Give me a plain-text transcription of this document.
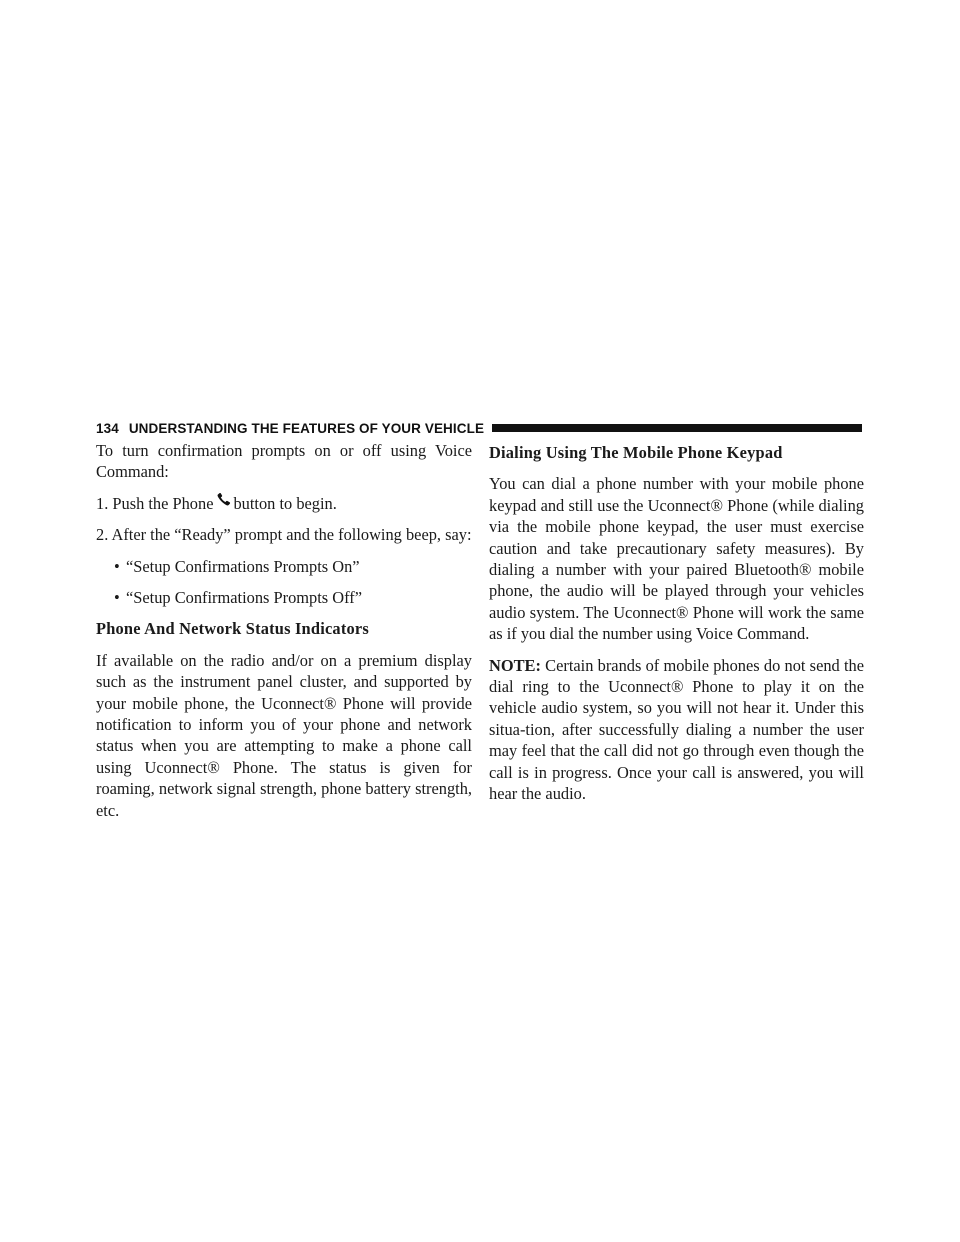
134 UNDERSTANDING THE FEATURES OF YOUR VEHICLE

To turn confirmation prompts on or off using Voice Command:

1. Push the Phone button to begin.

2. After the “Ready” prompt and the following beep, say:

• “Setup Confirmations Prompts On”

• “Setup Confirmations Prompts Off”

Phone And Network Status Indicators

If available on the radio and/or on a premium display such as the instrument panel cluster, and supported by your mobile phone, the Uconnect® Phone will provide notification to inform you of your phone and network status when you are attempting to make a phone call using Uconnect® Phone. The status is given for roaming, network signal strength, phone battery strength, etc.

Dialing Using The Mobile Phone Keypad

You can dial a phone number with your mobile phone keypad and still use the Uconnect® Phone (while dialing via the mobile phone keypad, the user must exercise caution and take precautionary safety measures). By dialing a number with your paired Bluetooth® mobile phone, the audio will be played through your vehicles audio system. The Uconnect® Phone will work the same as if you dial the number using Voice Command.

NOTE: Certain brands of mobile phones do not send the dial ring to the Uconnect® Phone to play it on the vehicle audio system, so you will not hear it. Under this situa-tion, after successfully dialing a number the user may feel that the call did not go through even though the call is in progress. Once your call is answered, you will hear the audio.
